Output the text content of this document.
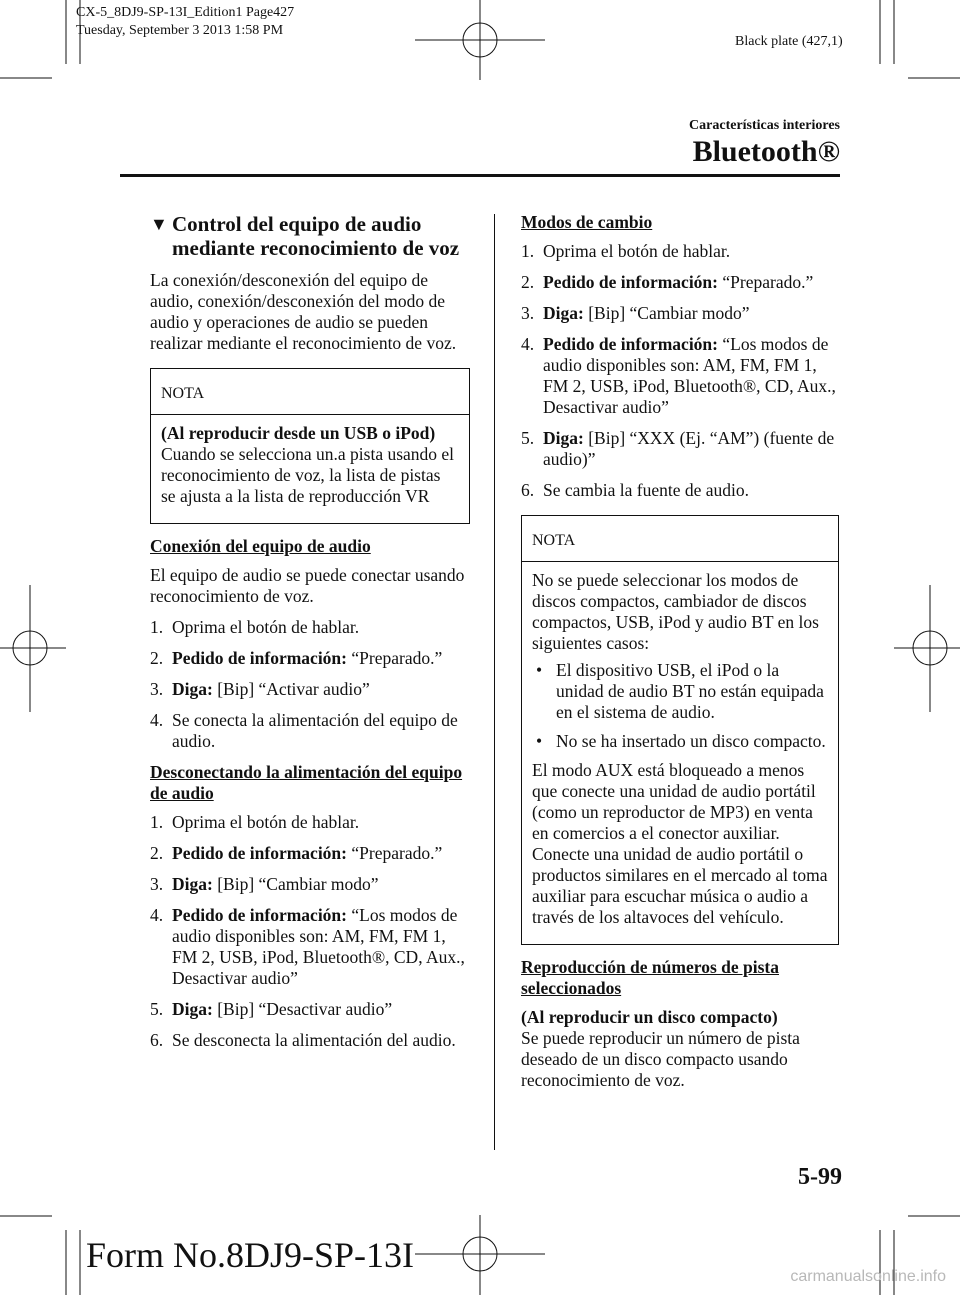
CX-5_8DJ9-SP-13I_Edition1 Page427
Tuesday, September 3 2013 1:58 PM
Black plate (427,1)
Características interiores
Bluetooth®
▼ Control del equipo de audio
mediante reconocimiento de voz

La conexión/desconexión del equipo de audio, conexión/desconexión del modo de audio y operaciones de audio se pueden realizar mediante el reconocimiento de voz.

NOTA

(Al reproducir desde un USB o iPod)

Cuando se selecciona un.a pista usando el reconocimiento de voz, la lista de pistas se ajusta a la lista de reproducción VR

Conexión del equipo de audio

El equipo de audio se puede conectar usando reconocimiento de voz.

1. Oprima el botón de hablar.
2. Pedido de información: “Preparado.”
3. Diga: [Bip] “Activar audio”
4. Se conecta la alimentación del equipo de audio.

Desconectando la alimentación del equipo de audio

1. Oprima el botón de hablar.
2. Pedido de información: “Preparado.”
3. Diga: [Bip] “Cambiar modo”
4. Pedido de información: “Los modos de audio disponibles son: AM, FM, FM 1, FM 2, USB, iPod, Bluetooth®, CD, Aux., Desactivar audio”
5. Diga: [Bip] “Desactivar audio”
6. Se desconecta la alimentación del audio.

Modos de cambio

1. Oprima el botón de hablar.
2. Pedido de información: “Preparado.”
3. Diga: [Bip] “Cambiar modo”
4. Pedido de información: “Los modos de audio disponibles son: AM, FM, FM 1, FM 2, USB, iPod, Bluetooth®, CD, Aux., Desactivar audio”
5. Diga: [Bip] “XXX (Ej. “AM”) (fuente de audio)”
6. Se cambia la fuente de audio.
NOTA

No se puede seleccionar los modos de discos compactos, cambiador de discos compactos, USB, iPod y audio BT en los siguientes casos:

• El dispositivo USB, el iPod o la unidad de audio BT no están equipada en el sistema de audio.
• No se ha insertado un disco compacto.

El modo AUX está bloqueado a menos que conecte una unidad de audio portátil (como un reproductor de MP3) en venta en comercios a el conector auxiliar. Conecte una unidad de audio portátil o productos similares en el mercado al toma auxiliar para escuchar música o audio a través de los altavoces del vehículo.

Reproducción de números de pista seleccionados

(Al reproducir un disco compacto)

Se puede reproducir un número de pista deseado de un disco compacto usando reconocimiento de voz.

5-99
Form No.8DJ9-SP-13I
carmanualsonline.info
